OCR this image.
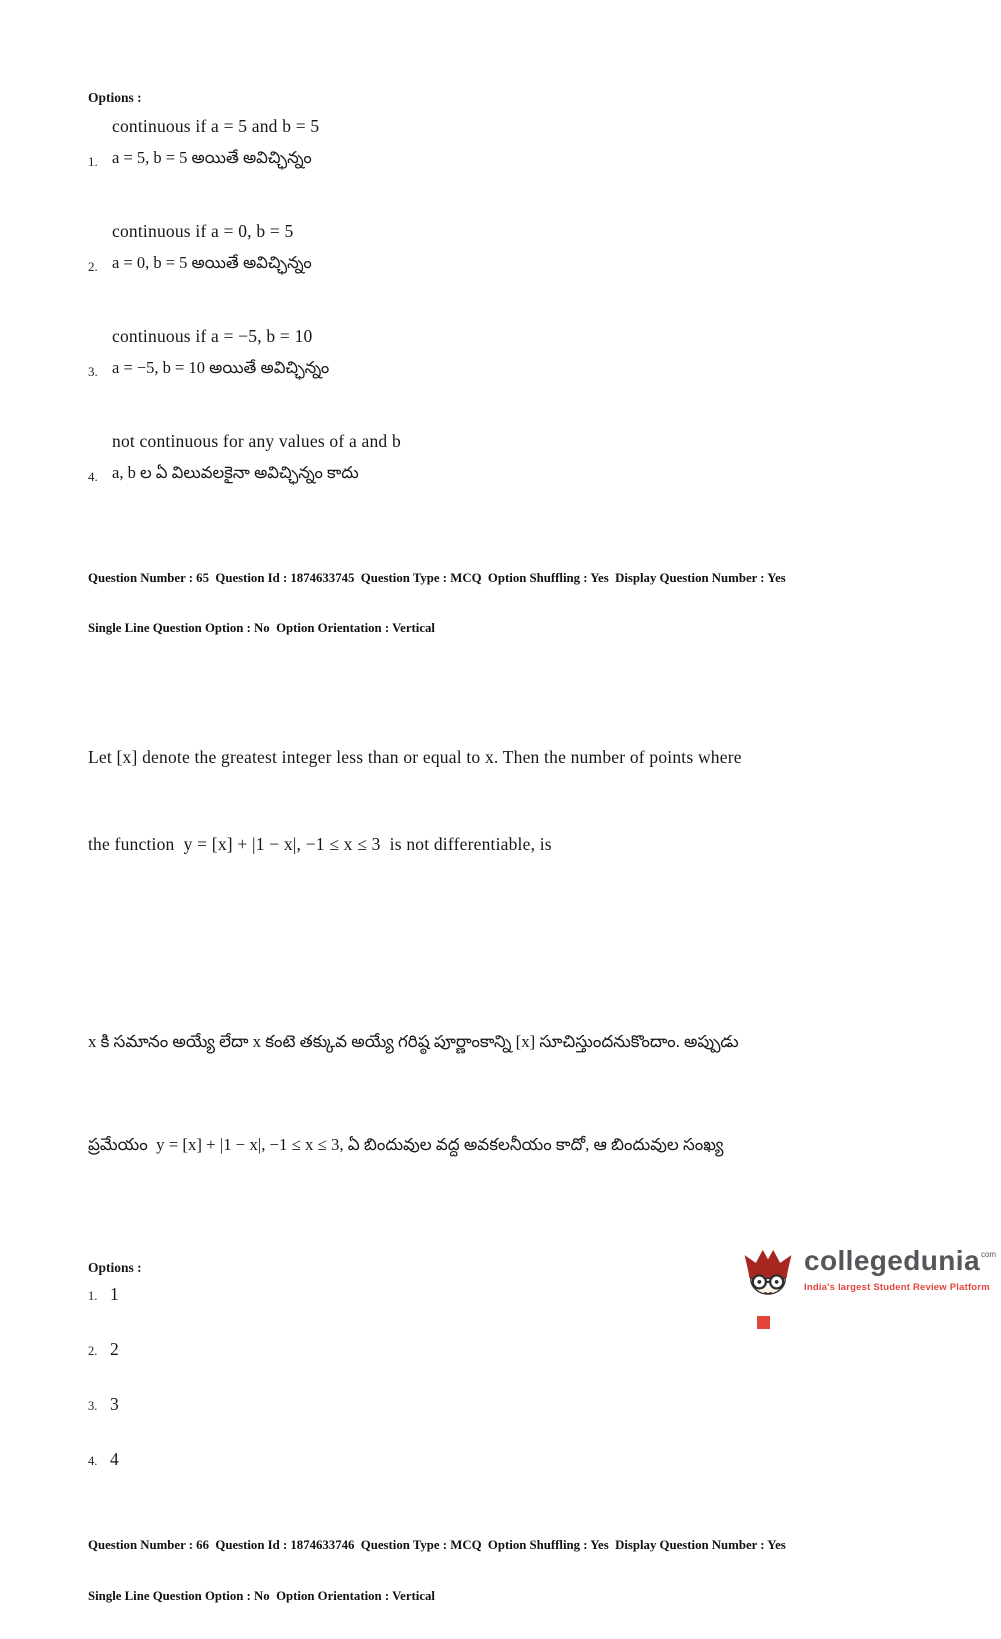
Options :
1.
continuous if a = 5 and b = 5
a = 5, b = 5 అయితే అవిచ్ఛిన్నం
2.
continuous if a = 0, b = 5
a = 0, b = 5 అయితే అవిచ్ఛిన్నం
3.
continuous if a = −5, b = 10
a = −5, b = 10 అయితే అవిచ్ఛిన్నం
4.
not continuous for any values of a and b
a, b ల ఏ విలువలకైనా అవిచ్ఛిన్నం కాదు

Question Number : 65  Question Id : 1874633745  Question Type : MCQ  Option Shuffling : Yes  Display Question Number : Yes

Single Line Question Option : No  Option Orientation : Vertical

Let [x] denote the greatest integer less than or equal to x. Then the number of points where

the function  y = [x] + |1 − x|, −1 ≤ x ≤ 3  is not differentiable, is

x కి సమానం అయ్యే లేదా x కంటె తక్కువ అయ్యే గరిష్ఠ పూర్ణాంకాన్ని [x] సూచిస్తుందనుకొందాం. అప్పుడు

ప్రమేయం  y = [x] + |1 − x|, −1 ≤ x ≤ 3, ఏ బిందువుల వద్ద అవకలనీయం కాదో, ఆ బిందువుల సంఖ్య

Options :
1. 1
2. 2
3. 3
4. 4

Question Number : 66  Question Id : 1874633746  Question Type : MCQ  Option Shuffling : Yes  Display Question Number : Yes

Single Line Question Option : No  Option Orientation : Vertical

collegedunia com
India's largest Student Review Platform
